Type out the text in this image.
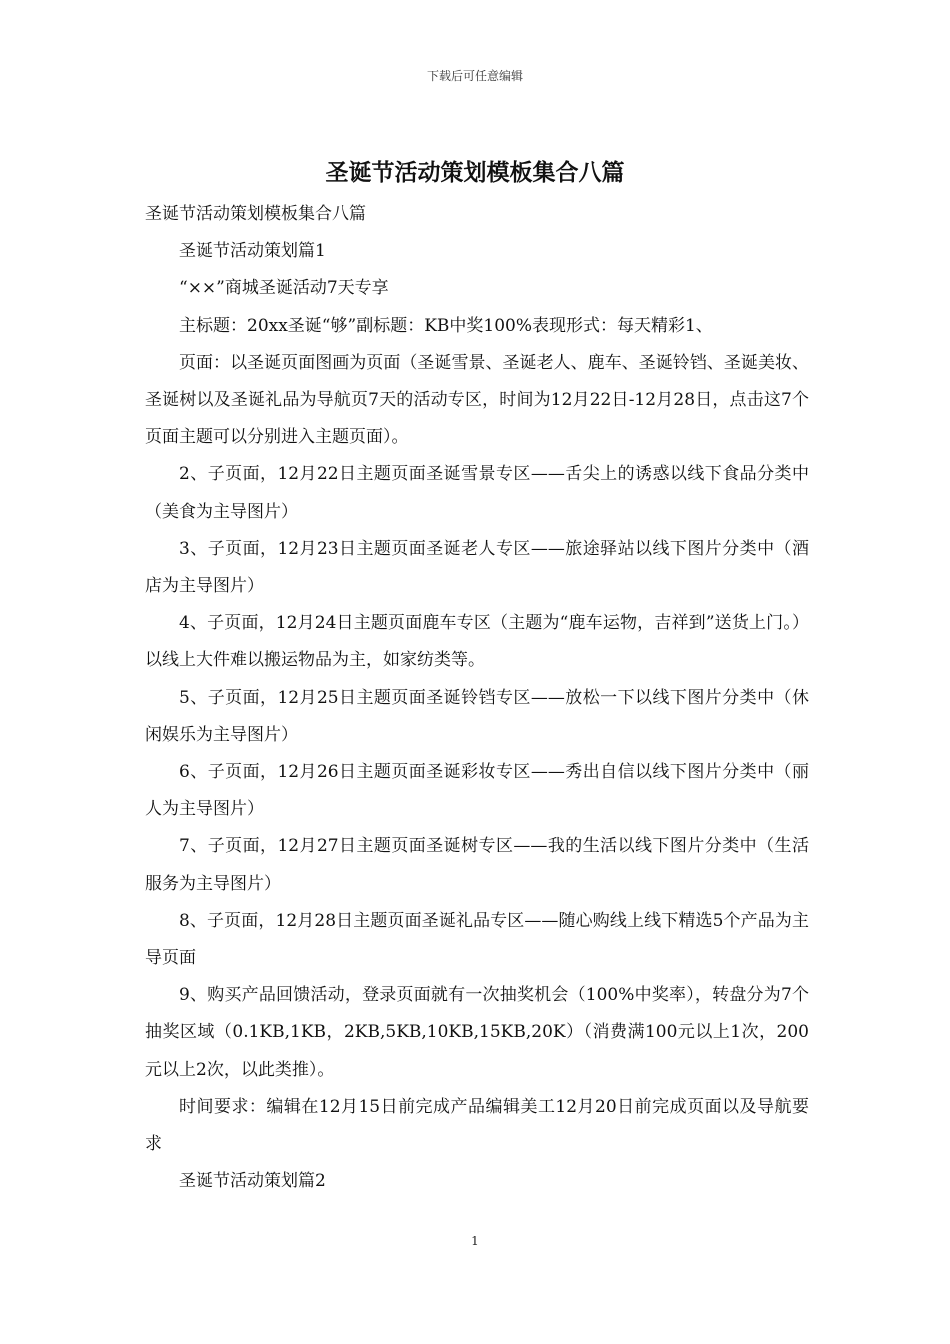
下载后可任意编辑
圣诞节活动策划模板集合八篇

圣诞节活动策划模板集合八篇

圣诞节活动策划篇1

“××”商城圣诞活动7天专享

主标题：20xx圣诞“够”副标题：KB中奖100%表现形式：每天精彩1、

页面：以圣诞页面图画为页面（圣诞雪景、圣诞老人、鹿车、圣诞铃铛、圣诞美妆、圣诞树以及圣诞礼品为导航页7天的活动专区，时间为12月22日-12月28日，点击这7个页面主题可以分别进入主题页面）。

2、子页面，12月22日主题页面圣诞雪景专区——舌尖上的诱惑以线下食品分类中（美食为主导图片）

3、子页面，12月23日主题页面圣诞老人专区——旅途驿站以线下图片分类中（酒店为主导图片）

4、子页面，12月24日主题页面鹿车专区（主题为“鹿车运物，吉祥到”送货上门。）以线上大件难以搬运物品为主，如家纺类等。

5、子页面，12月25日主题页面圣诞铃铛专区——放松一下以线下图片分类中（休闲娱乐为主导图片）

6、子页面，12月26日主题页面圣诞彩妆专区——秀出自信以线下图片分类中（丽人为主导图片）

7、子页面，12月27日主题页面圣诞树专区——我的生活以线下图片分类中（生活服务为主导图片）

8、子页面，12月28日主题页面圣诞礼品专区——随心购线上线下精选5个产品为主导页面

9、购买产品回馈活动，登录页面就有一次抽奖机会（100%中奖率），转盘分为7个抽奖区域（0.1KB,1KB，2KB,5KB,10KB,15KB,20K）（消费满100元以上1次，200元以上2次，以此类推）。

时间要求：编辑在12月15日前完成产品编辑美工12月20日前完成页面以及导航要求

圣诞节活动策划篇2

1
